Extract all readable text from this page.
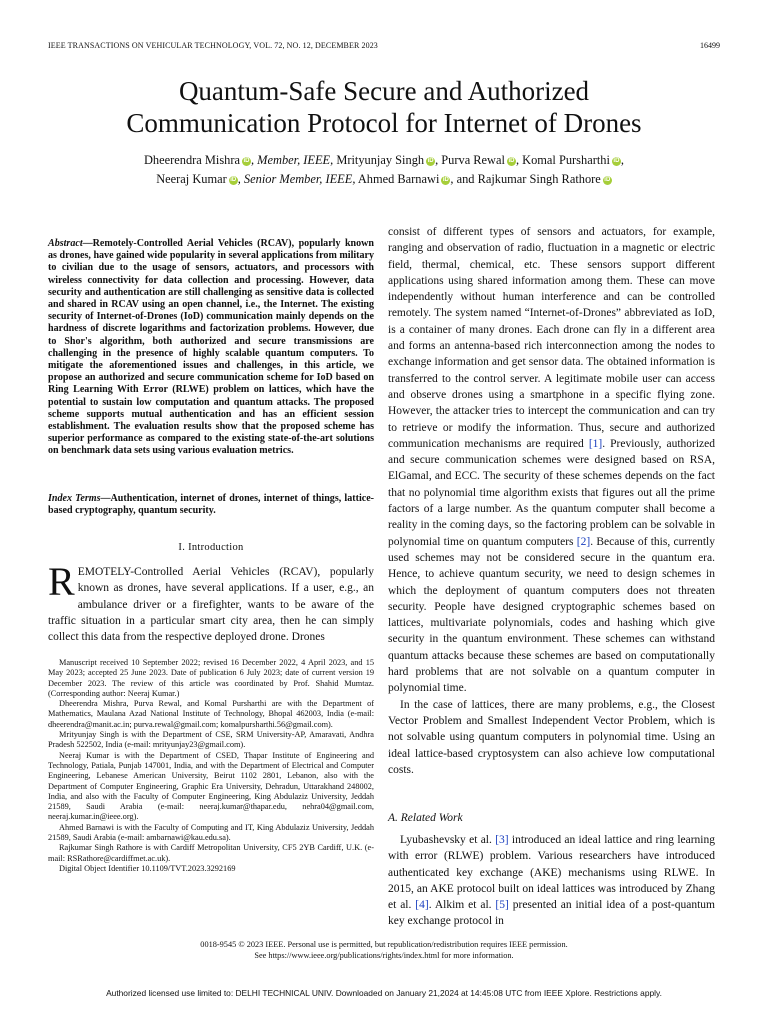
IEEE TRANSACTIONS ON VEHICULAR TECHNOLOGY, VOL. 72, NO. 12, DECEMBER 2023	16499
Quantum-Safe Secure and Authorized
Communication Protocol for Internet of Drones
Dheerendra Mishra iD , Member, IEEE, Mrityunjay Singh iD , Purva Rewal iD , Komal Pursharthi iD ,
Neeraj Kumar iD , Senior Member, IEEE, Ahmed Barnawi iD , and Rajkumar Singh Rathore iD
Abstract—Remotely-Controlled Aerial Vehicles (RCAV), popularly known as drones, have gained wide popularity in several applications from military to civilian due to the usage of sensors, actuators, and processors with wireless connectivity for data collection and processing. However, data security and authentication are still challenging as sensitive data is collected and shared in RCAV using an open channel, i.e., the Internet. The existing security of Internet-of-Drones (IoD) communication mainly depends on the hardness of discrete logarithms and factorization problems. However, due to Shor's algorithm, both authorized and secure transmissions are challenging in the presence of highly scalable quantum computers. To mitigate the aforementioned issues and challenges, in this article, we propose an authorized and secure communication scheme for IoD based on Ring Learning With Error (RLWE) problem on lattices, which have the potential to sustain low computation and quantum attacks. The proposed scheme supports mutual authentication and has an efficient session establishment. The evaluation results show that the proposed scheme has superior performance as compared to the existing state-of-the-art solutions on benchmark data sets using various evaluation metrics.
Index Terms—Authentication, internet of drones, internet of things, lattice-based cryptography, quantum security.
I. Introduction
REMOTELY-Controlled Aerial Vehicles (RCAV), popularly known as drones, have several applications. If a user, e.g., an ambulance driver or a firefighter, wants to be aware of the traffic situation in a particular smart city area, then he can simply collect this data from the respective deployed drone. Drones

Manuscript received 10 September 2022; revised 16 December 2022, 4 April 2023, and 15 May 2023; accepted 25 June 2023. Date of publication 6 July 2023; date of current version 19 December 2023. The review of this article was coordinated by Prof. Shahid Mumtaz. (Corresponding author: Neeraj Kumar.)

Dheerendra Mishra, Purva Rewal, and Komal Pursharthi are with the Department of Mathematics, Maulana Azad National Institute of Technology, Bhopal 462003, India (e-mail: dheerendra@manit.ac.in; purva.rewal@gmail.com; komalpursharthi.56@gmail.com).

Mrityunjay Singh is with the Department of CSE, SRM University-AP, Amaravati, Andhra Pradesh 522502, India (e-mail: mrityunjay23@gmail.com).

Neeraj Kumar is with the Department of CSED, Thapar Institute of Engineering and Technology, Patiala, Punjab 147001, India, and with the Department of Electrical and Computer Engineering, Lebanese American University, Beirut 1102 2801, Lebanon, also with the Department of Computer Engineering, Graphic Era University, Dehradun, Uttarakhand 248002, India, and also with the Faculty of Computer Engineering, King Abdulaziz University, Jeddah 21589, Saudi Arabia (e-mail: neeraj.kumar@thapar.edu, nehra04@gmail.com, neeraj.kumar.in@ieee.org).

Ahmed Barnawi is with the Faculty of Computing and IT, King Abdulaziz University, Jeddah 21589, Saudi Arabia (e-mail: ambarnawi@kau.edu.sa).

Rajkumar Singh Rathore is with Cardiff Metropolitan University, CF5 2YB Cardiff, U.K. (e-mail: RSRathore@cardiffmet.ac.uk).

Digital Object Identifier 10.1109/TVT.2023.3292169

consist of different types of sensors and actuators, for example, ranging and observation of radio, fluctuation in a magnetic or electric field, thermal, chemical, etc. These sensors support different applications using shared information among them. These can move independently without human interference and can be controlled remotely. The system named “Internet-of-Drones” abbreviated as IoD, is a container of many drones. Each drone can fly in a different area and forms an antenna-based rich interconnection among the nodes to exchange information and get sensor data. The obtained information is transferred to the control server. A legitimate mobile user can access and observe drones using a smartphone in a specific flying zone. However, the attacker tries to intercept the communication and can try to retrieve or modify the information. Thus, secure and authorized communication mechanisms are required [1]. Previously, authorized and secure communication schemes were designed based on RSA, ElGamal, and ECC. The security of these schemes depends on the fact that no polynomial time algorithm exists that figures out all the prime factors of a large number. As the quantum computer shall become a reality in the coming days, so the factoring problem can be solvable in polynomial time on quantum computers [2]. Because of this, currently used schemes may not be considered secure in the quantum era. Hence, to achieve quantum security, we need to design schemes in which the deployment of quantum computers does not threaten security. People have designed cryptographic schemes based on lattices, multivariate polynomials, codes and hashing which give security in the quantum environment. These schemes can withstand quantum attacks because these schemes are based on computationally hard problems that are not solvable on a quantum computer in polynomial time.

In the case of lattices, there are many problems, e.g., the Closest Vector Problem and Smallest Independent Vector Problem, which is not solvable using quantum computers in polynomial time. Using an ideal lattice-based cryptosystem can also achieve low computational costs.

A. Related Work

Lyubashevsky et al. [3] introduced an ideal lattice and ring learning with error (RLWE) problem. Various researchers have introduced authenticated key exchange (AKE) mechanisms using RLWE. In 2015, an AKE protocol built on ideal lattices was introduced by Zhang et al. [4]. Alkim et al. [5] presented an initial idea of a post-quantum key exchange protocol in

0018-9545 © 2023 IEEE. Personal use is permitted, but republication/redistribution requires IEEE permission.
See https://www.ieee.org/publications/rights/index.html for more information.
Authorized licensed use limited to: DELHI TECHNICAL UNIV. Downloaded on January 21,2024 at 14:45:08 UTC from IEEE Xplore. Restrictions apply.
